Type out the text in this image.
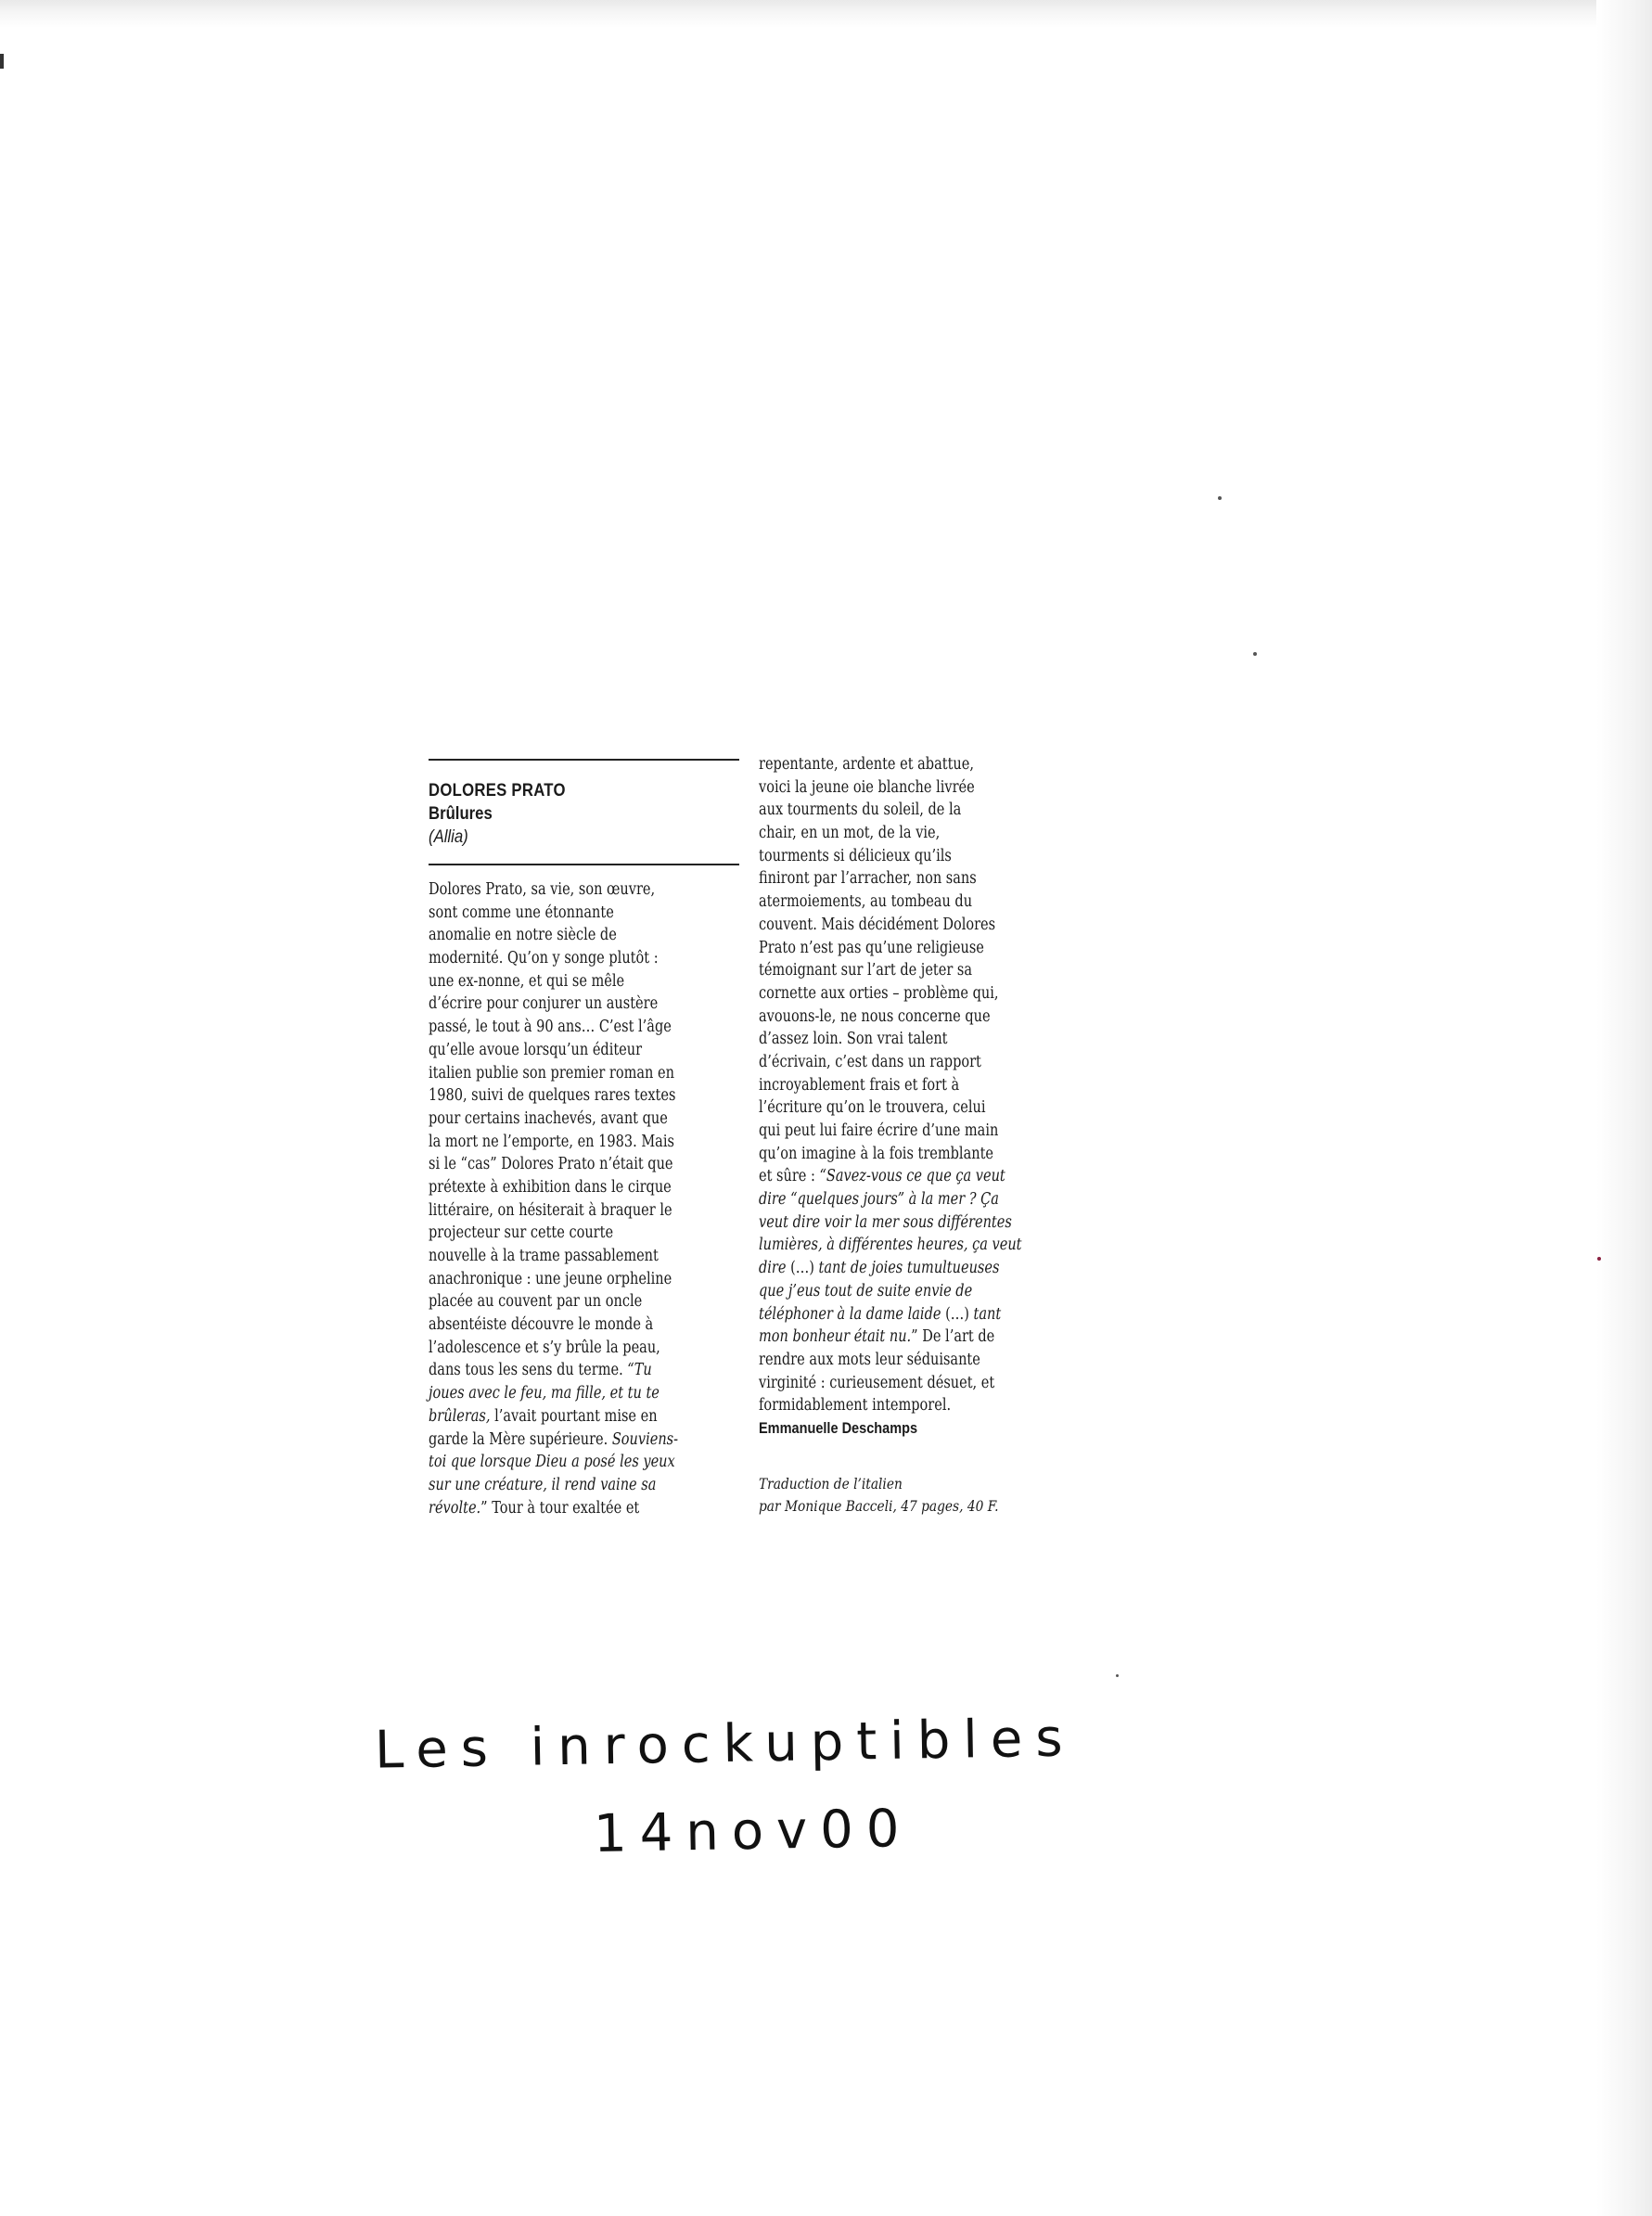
DOLORES PRATO
Brûlures
(Allia)
Dolores Prato, sa vie, son œuvre,
sont comme une étonnante
anomalie en notre siècle de
modernité. Qu’on y songe plutôt :
une ex-nonne, et qui se mêle
d’écrire pour conjurer un austère
passé, le tout à 90 ans… C’est l’âge
qu’elle avoue lorsqu’un éditeur
italien publie son premier roman en
1980, suivi de quelques rares textes
pour certains inachevés, avant que
la mort ne l’emporte, en 1983. Mais
si le “cas” Dolores Prato n’était que
prétexte à exhibition dans le cirque
littéraire, on hésiterait à braquer le
projecteur sur cette courte
nouvelle à la trame passablement
anachronique : une jeune orpheline
placée au couvent par un oncle
absentéiste découvre le monde à
l’adolescence et s’y brûle la peau,
dans tous les sens du terme. “Tu
joues avec le feu, ma fille, et tu te
brûleras, l’avait pourtant mise en
garde la Mère supérieure. Souviens-
toi que lorsque Dieu a posé les yeux
sur une créature, il rend vaine sa
révolte.” Tour à tour exaltée et
repentante, ardente et abattue,
voici la jeune oie blanche livrée
aux tourments du soleil, de la
chair, en un mot, de la vie,
tourments si délicieux qu’ils
finiront par l’arracher, non sans
atermoiements, au tombeau du
couvent. Mais décidément Dolores
Prato n’est pas qu’une religieuse
témoignant sur l’art de jeter sa
cornette aux orties – problème qui,
avouons-le, ne nous concerne que
d’assez loin. Son vrai talent
d’écrivain, c’est dans un rapport
incroyablement frais et fort à
l’écriture qu’on le trouvera, celui
qui peut lui faire écrire d’une main
qu’on imagine à la fois tremblante
et sûre : “Savez-vous ce que ça veut
dire “quelques jours” à la mer ? Ça
veut dire voir la mer sous différentes
lumières, à différentes heures, ça veut
dire (…) tant de joies tumultueuses
que j’eus tout de suite envie de
téléphoner à la dame laide (…) tant
mon bonheur était nu.” De l’art de
rendre aux mots leur séduisante
virginité : curieusement désuet, et
formidablement intemporel.
Emmanuelle Deschamps
Traduction de l’italien
par Monique Bacceli, 47 pages, 40 F.
Les inrockuptibles
14nov00
